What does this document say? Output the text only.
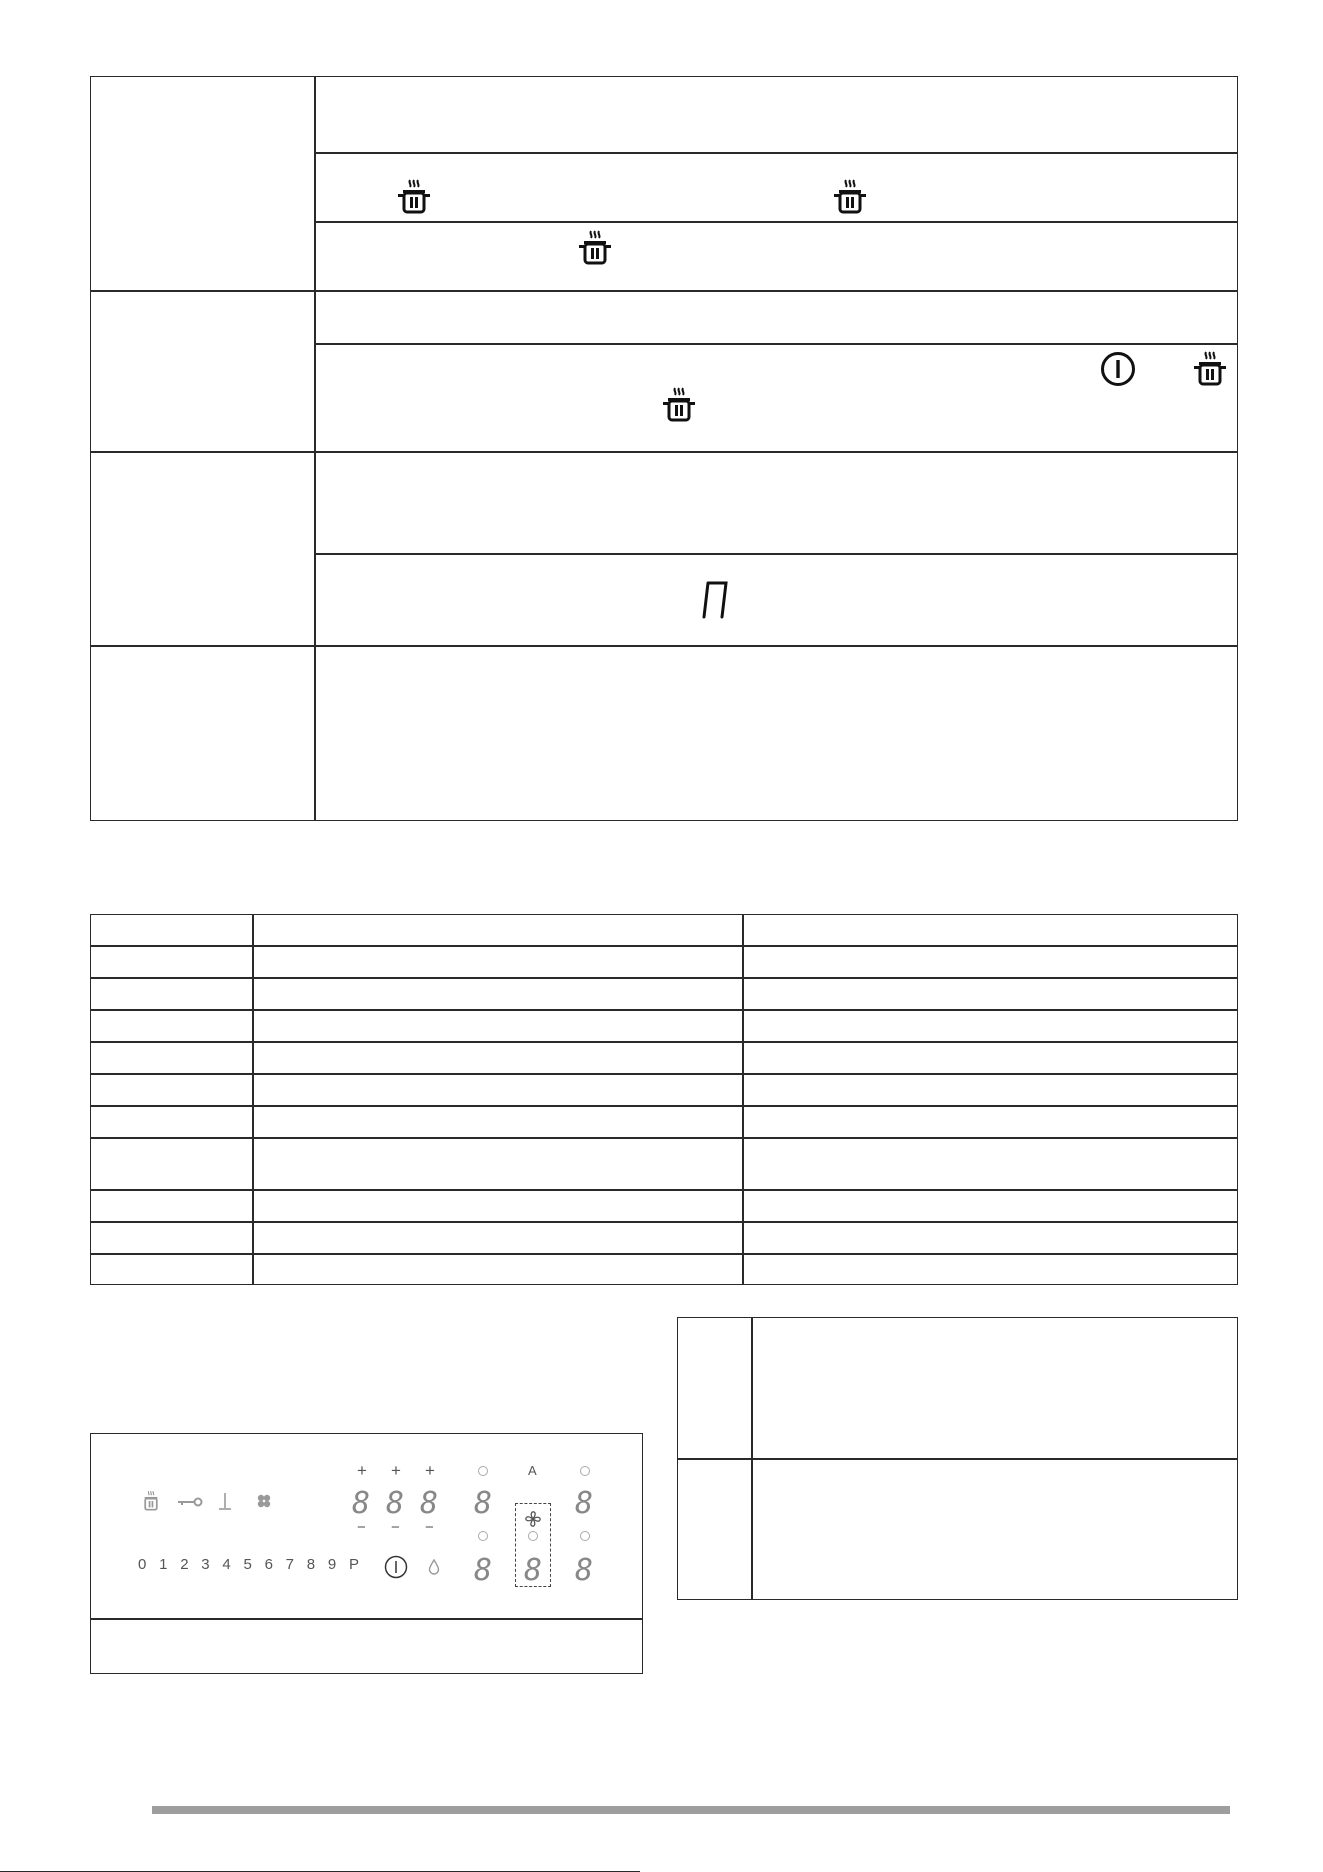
0 1 2 3 4 5 6 7 8 9 P
+ + +
− − −
8 8 8 8	8
8 8 8
A
